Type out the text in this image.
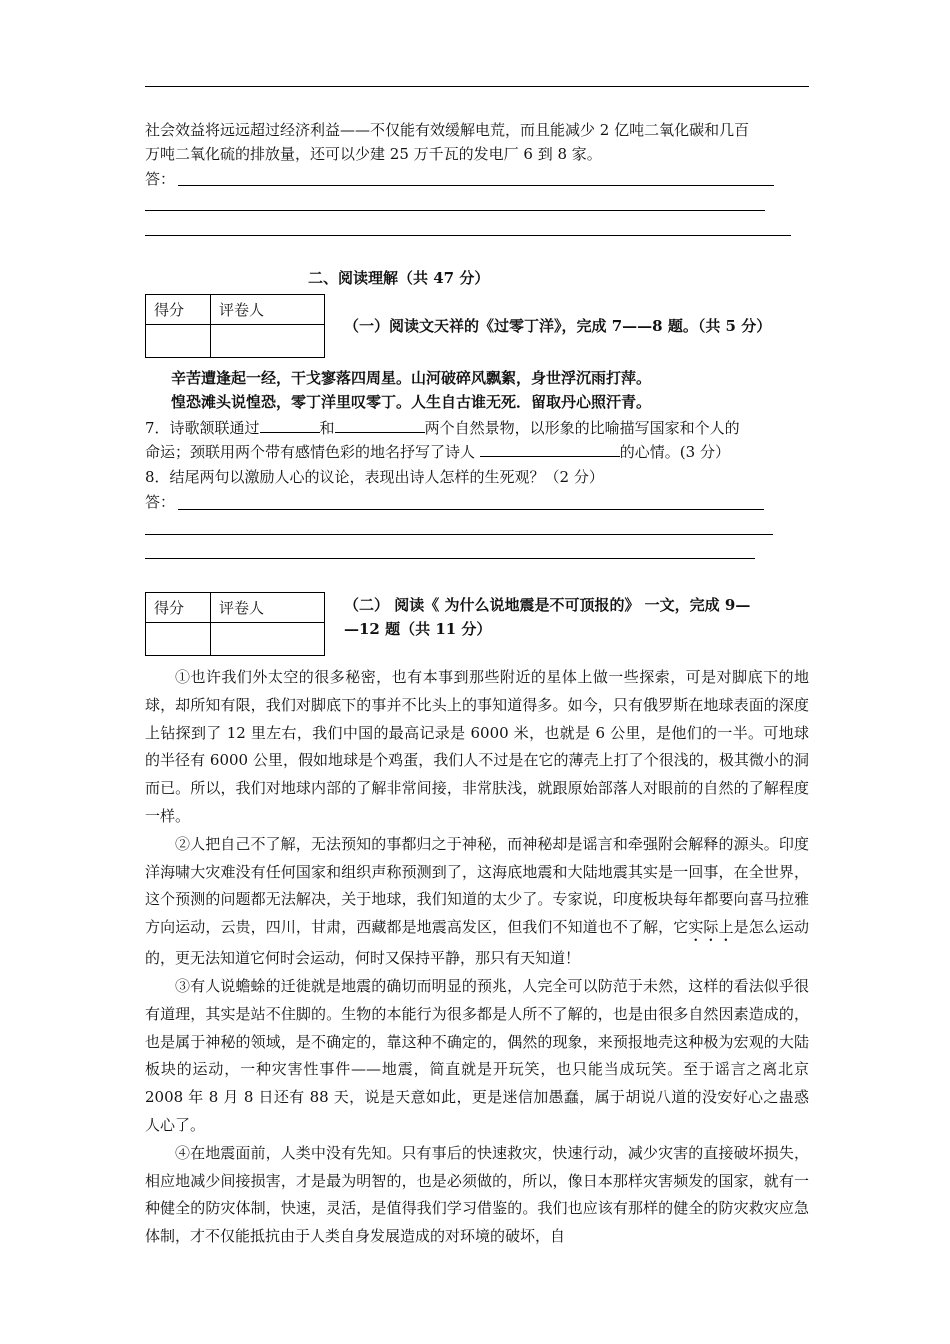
社会效益将远远超过经济利益——不仅能有效缓解电荒，而且能减少 2 亿吨二氧化碳和几百
万吨二氧化硫的排放量，还可以少建 25 万千瓦的发电厂 6 到 8 家。
答：
二、阅读理解（共 47 分）
得分	评卷人

（一）阅读文天祥的《过零丁洋》，完成 7——8 题。（共 5 分）
辛苦遭逢起一经，干戈寥落四周星。山河破碎风飘絮，身世浮沉雨打萍。
惶恐滩头说惶恐，零丁洋里叹零丁。人生自古谁无死．留取丹心照汗青。
7．诗歌颔联通过	和	两个自然景物，以形象的比喻描写国家和个人的
命运；颈联用两个带有感情色彩的地名抒写了诗人	的心情。(3 分）
8．结尾两句以激励人心的议论，表现出诗人怎样的生死观？（2 分）
答：
得分	评卷人
		（二） 阅读《 为什么说地震是不可顶报的》 一文，完成 9—
—12 题（共 11 分）

①也许我们外太空的很多秘密，也有本事到那些附近的星体上做一些探索，可是对脚底下的地球，却所知有限，我们对脚底下的事并不比头上的事知道得多。如今，只有俄罗斯在地球表面的深度上钻探到了 12 里左右，我们中国的最高记录是 6000 米，也就是 6 公里，是他们的一半。可地球的半径有 6000 公里，假如地球是个鸡蛋，我们人不过是在它的薄壳上打了个很浅的，极其微小的洞而已。所以，我们对地球内部的了解非常间接，非常肤浅，就跟原始部落人对眼前的自然的了解程度一样。

②人把自己不了解，无法预知的事都归之于神秘，而神秘却是谣言和牵强附会解释的源头。印度洋海啸大灾难没有任何国家和组织声称预测到了，这海底地震和大陆地震其实是一回事，在全世界，这个预测的问题都无法解决，关于地球，我们知道的太少了。专家说，印度板块每年都要向喜马拉雅方向运动，云贵，四川，甘肃，西藏都是地震高发区，但我们不知道也不了解，它实际上是怎么运动的，更无法知道它何时会运动，何时又保持平静，那只有天知道！

③有人说蟾蜍的迁徙就是地震的确切而明显的预兆，人完全可以防范于未然，这样的看法似乎很有道理，其实是站不住脚的。生物的本能行为很多都是人所不了解的，也是由很多自然因素造成的，也是属于神秘的领域，是不确定的，靠这种不确定的，偶然的现象，来预报地壳这种极为宏观的大陆板块的运动，一种灾害性事件——地震，简直就是开玩笑，也只能当成玩笑。至于谣言之离北京 2008 年 8 月 8 日还有 88 天，说是天意如此，更是迷信加愚蠢，属于胡说八道的没安好心之蛊惑人心了。

④在地震面前，人类中没有先知。只有事后的快速救灾，快速行动，减少灾害的直接破坏损失，相应地减少间接损害，才是最为明智的，也是必须做的，所以，像日本那样灾害频发的国家，就有一种健全的防灾体制，快速，灵活，是值得我们学习借鉴的。我们也应该有那样的健全的防灾救灾应急体制，才不仅能抵抗由于人类自身发展造成的对环境的破坏，自
